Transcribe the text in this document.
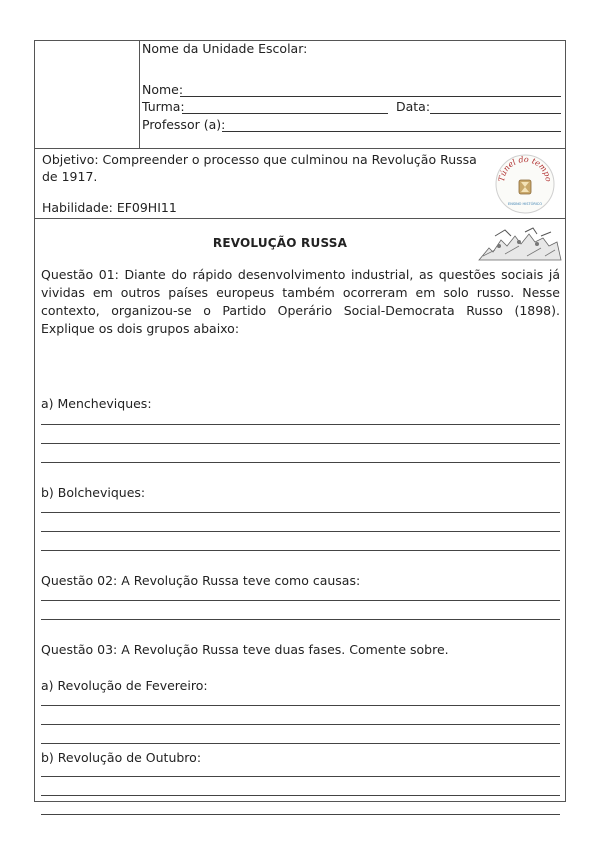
Nome da Unidade Escolar:
Nome:
Turma:	Data:
Professor (a):
Objetivo: Compreender o processo que culminou na Revolução Russa de 1917.
Habilidade: EF09HI11
Túnel do tempo
ENSINO HISTÓRICO
REVOLUÇÃO RUSSA
Questão 01: Diante do rápido desenvolvimento industrial, as questões sociais já vividas em outros países europeus também ocorreram em solo russo. Nesse contexto, organizou-se o Partido Operário Social-Democrata Russo (1898). Explique os dois grupos abaixo:
a) Mencheviques:
b) Bolcheviques:
Questão 02: A Revolução Russa teve como causas:
Questão 03: A Revolução Russa teve duas fases. Comente sobre.
a) Revolução de Fevereiro:
b) Revolução de Outubro:
